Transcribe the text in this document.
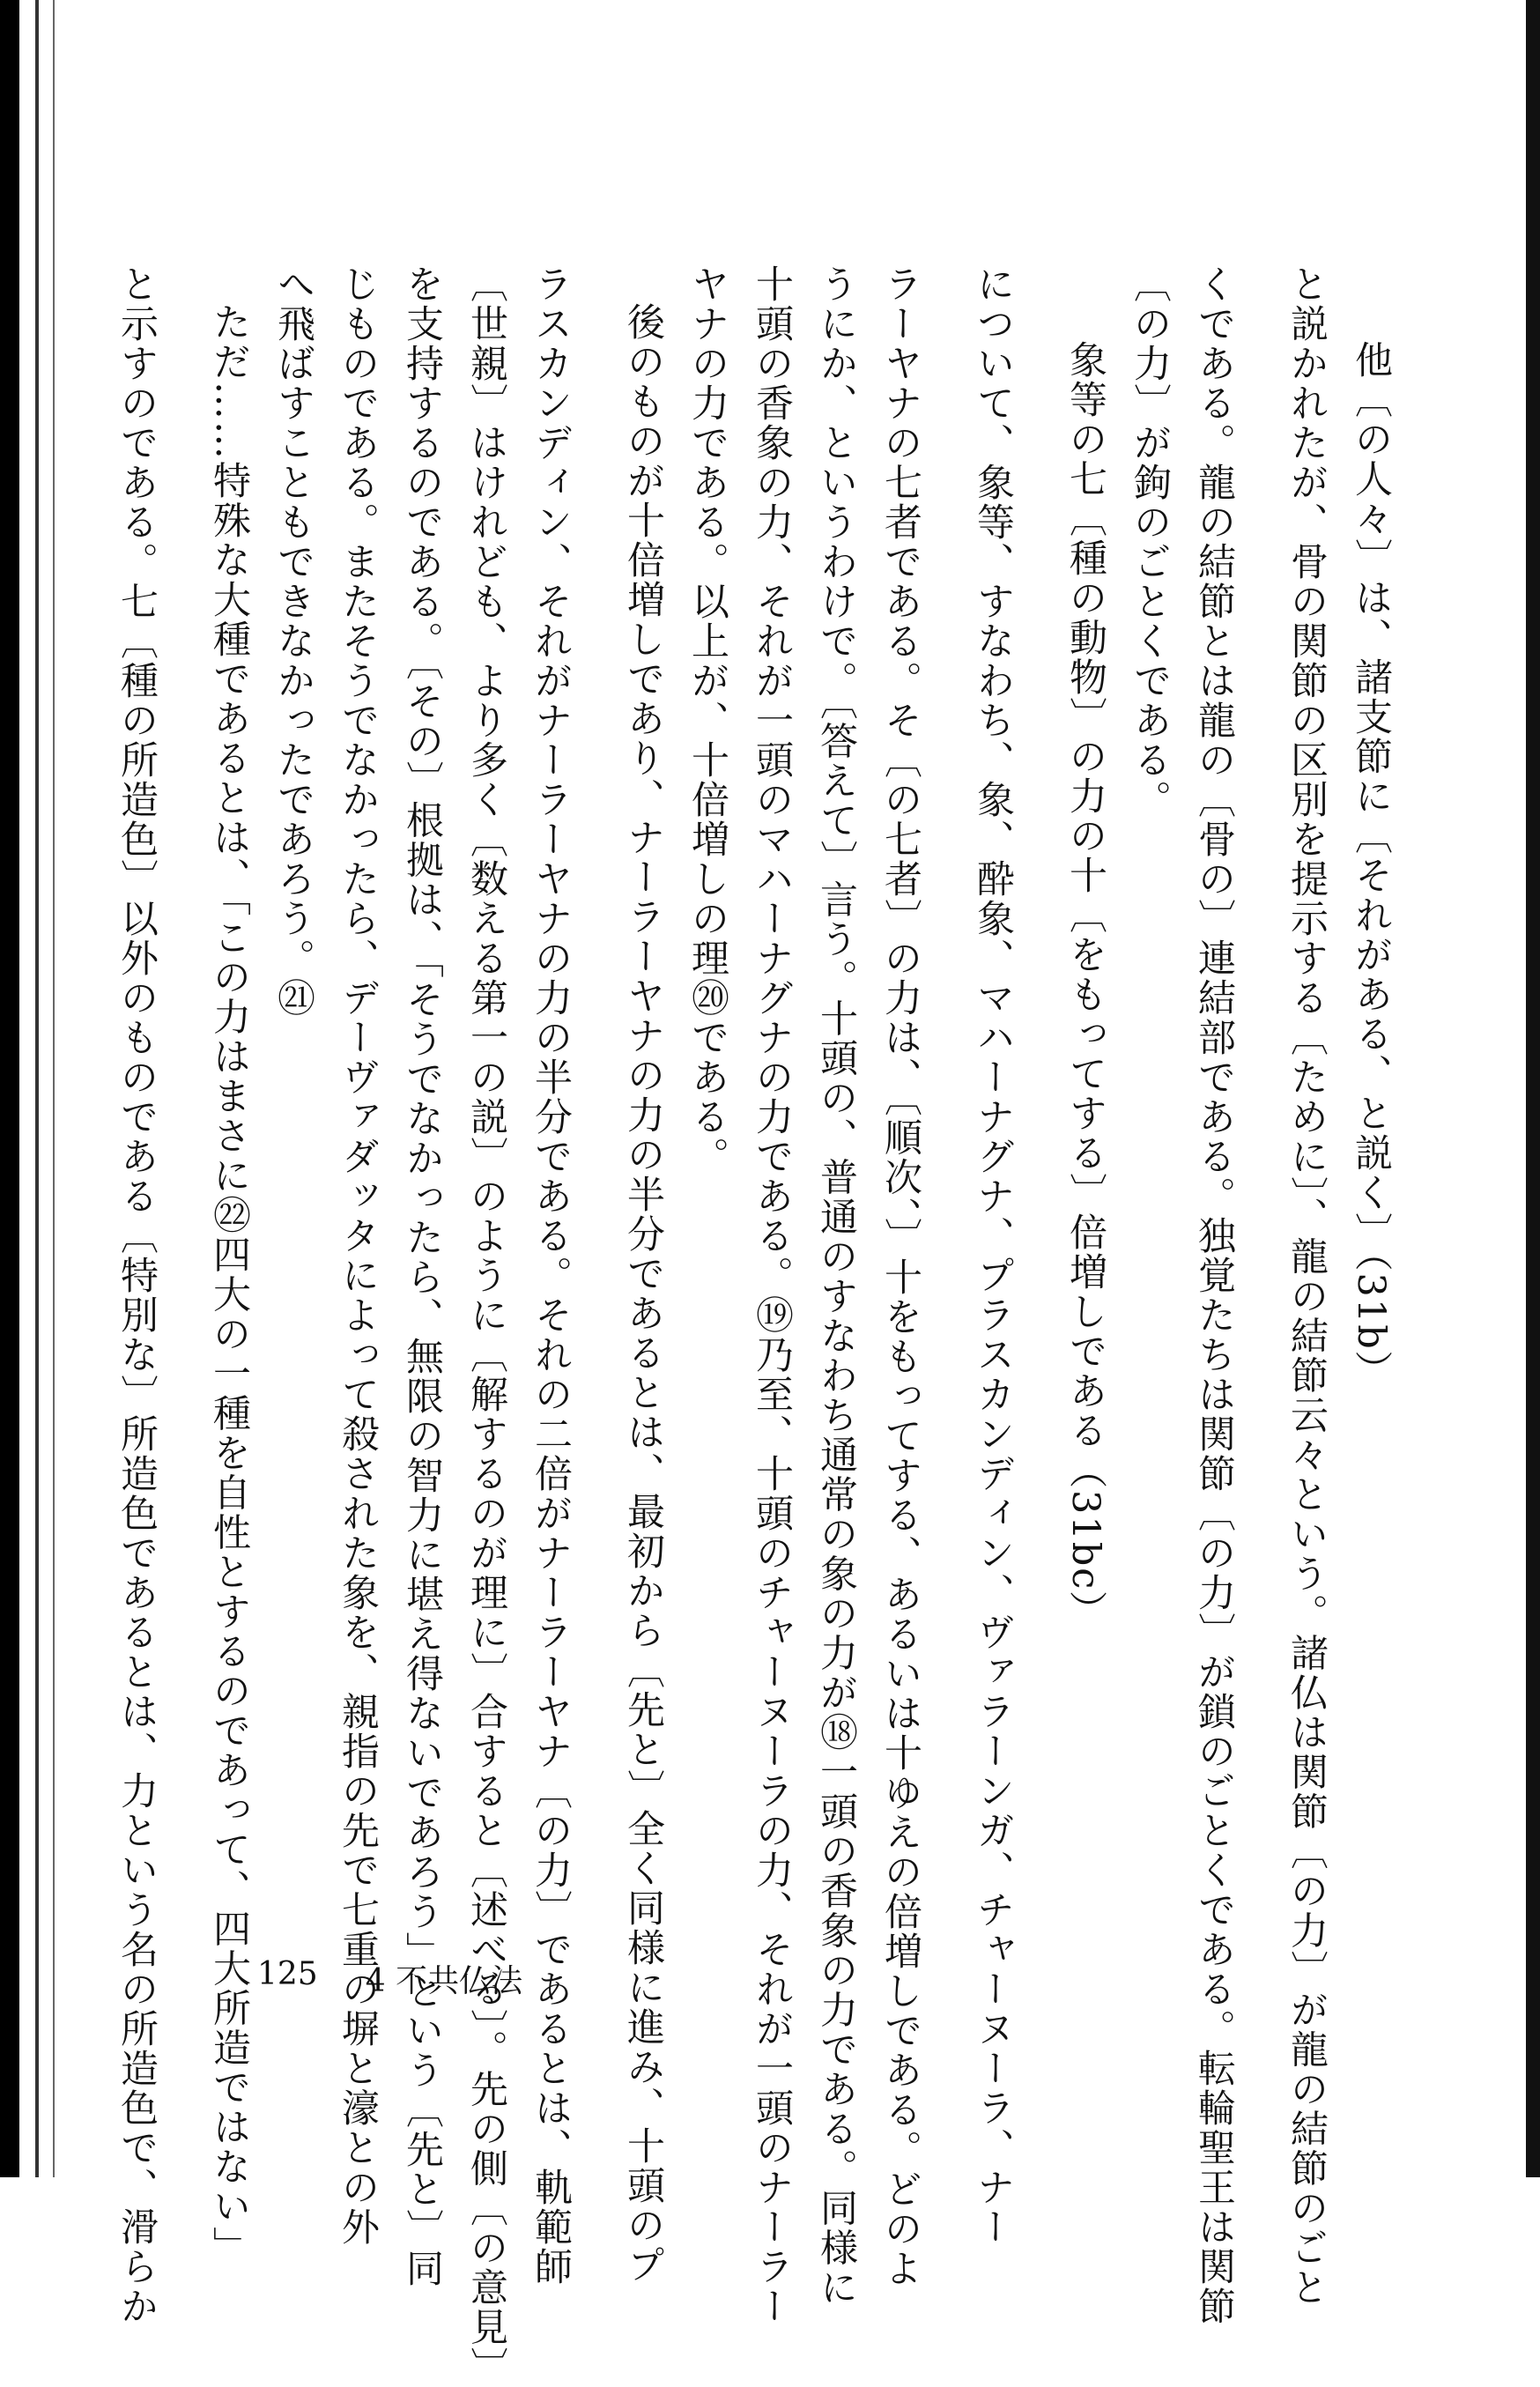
他〔の人々〕は、諸支節に〔それがある、と説く〕（31b）
と説かれたが、骨の関節の区別を提示する〔ために〕、龍の結節云々という。諸仏は関節〔の力〕が龍の結節のごと
くである。龍の結節とは龍の〔骨の〕連結部である。独覚たちは関節〔の力〕が鎖のごとくである。転輪聖王は関節
〔の力〕が鉤のごとくである。
象等の七〔種の動物〕の力の十〔をもってする〕倍増しである（31bc）
について、象等、すなわち、象、酔象、マハーナグナ、プラスカンディン、ヴァラーンガ、チャーヌーラ、ナー
ラーヤナの七者である。そ〔の七者〕の力は、〔順次、〕十をもってする、あるいは十ゆえの倍増しである。どのよ
うにか、というわけで。〔答えて〕言う。十頭の、普通のすなわち通常の象の力が⑱一頭の香象の力である。同様に
十頭の香象の力、それが一頭のマハーナグナの力である。⑲乃至、十頭のチャーヌーラの力、それが一頭のナーラー
ヤナの力である。以上が、十倍増しの理⑳である。
後のものが十倍増しであり、ナーラーヤナの力の半分であるとは、最初から〔先と〕全く同様に進み、十頭のプ
ラスカンディン、それがナーラーヤナの力の半分である。それの二倍がナーラーヤナ〔の力〕であるとは、軌範師
〔世親〕はけれども、より多く〔数える第一の説〕のように〔解するのが理に〕合すると〔述べる〕。先の側〔の意見〕
を支持するのである。〔その〕根拠は、「そうでなかったら、無限の智力に堪え得ないであろう」という〔先と〕同
じものである。またそうでなかったら、デーヴァダッタによって殺された象を、親指の先で七重の塀と濠との外
へ飛ばすこともできなかったであろう。㉑
ただ……特殊な大種であるとは、「この力はまさに㉒四大の一種を自性とするのであって、四大所造ではない」
と示すのである。七〔種の所造色〕以外のものである〔特別な〕所造色であるとは、力という名の所造色で、滑らか	125 4 不共仏法
